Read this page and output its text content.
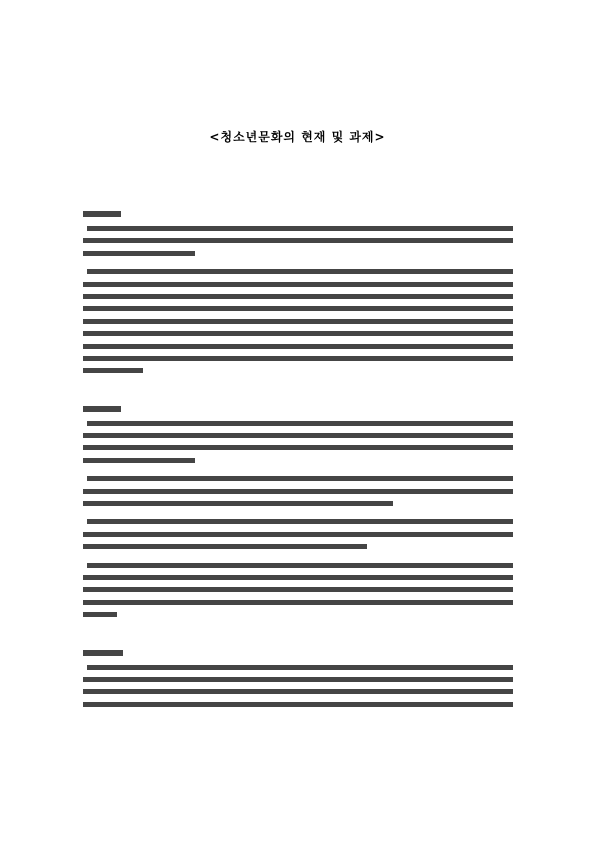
<청소년문화의 현재 및 과제>
